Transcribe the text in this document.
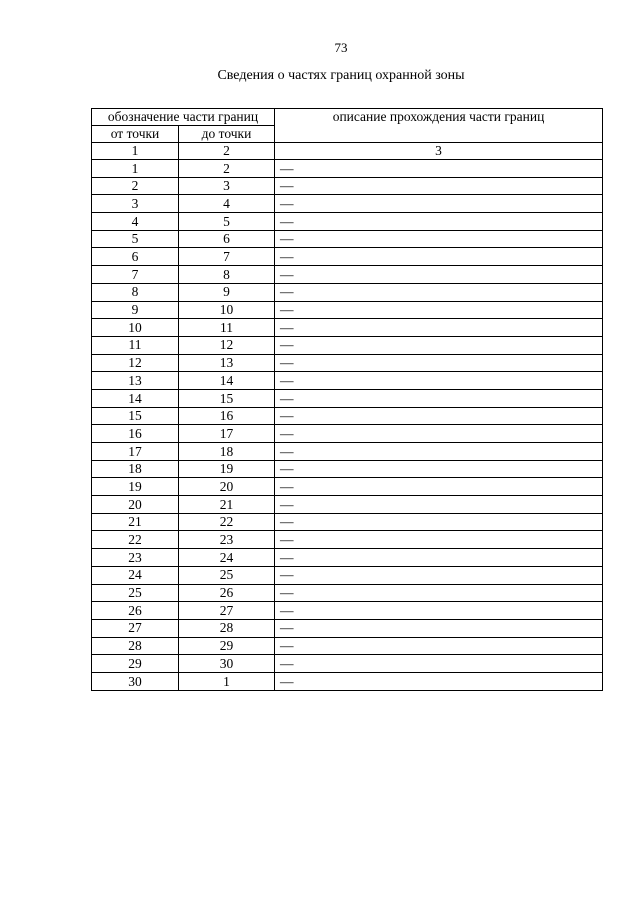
73
Сведения о частях границ охранной зоны
обозначение части границ		описание прохождения части границ
от точки	до точки	
1	2	3
1	2	—
2	3	—
3	4	—
4	5	—
5	6	—
6	7	—
7	8	—
8	9	—
9	10	—
10	11	—
11	12	—
12	13	—
13	14	—
14	15	—
15	16	—
16	17	—
17	18	—
18	19	—
19	20	—
20	21	—
21	22	—
22	23	—
23	24	—
24	25	—
25	26	—
26	27	—
27	28	—
28	29	—
29	30	—
30	1	—
